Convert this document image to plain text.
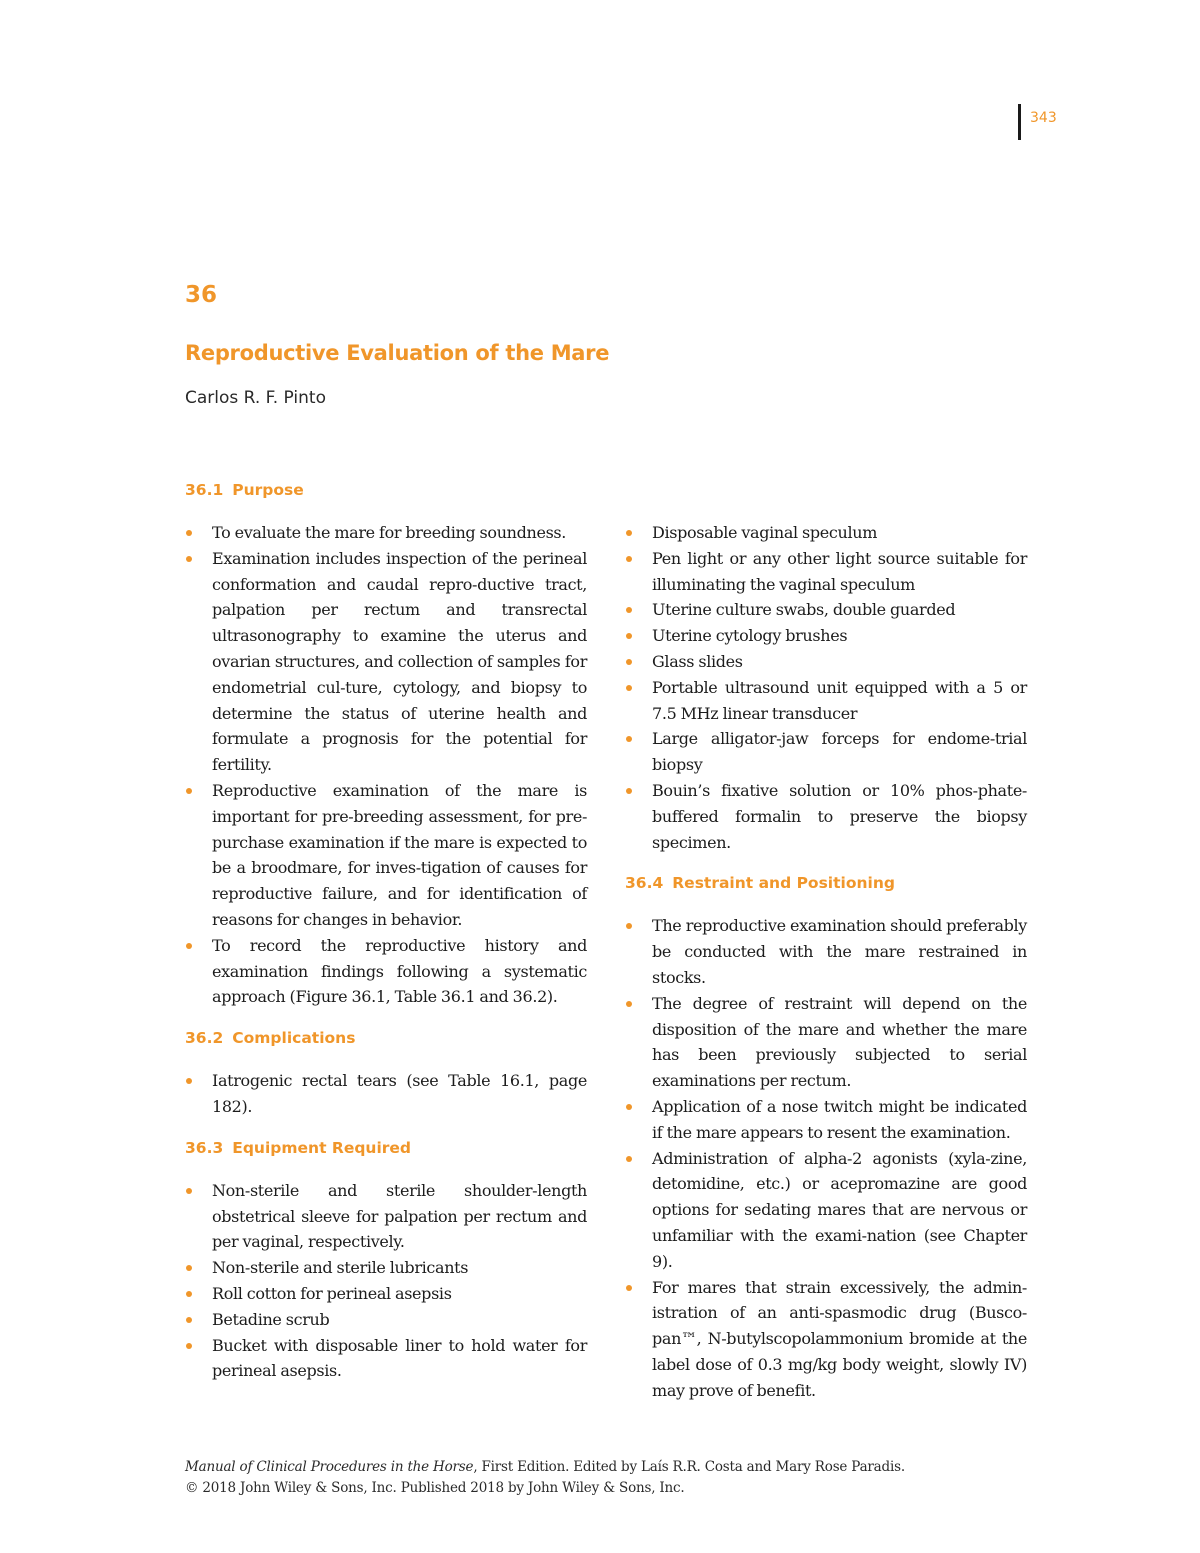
343
36
Reproductive Evaluation of the Mare
Carlos R. F. Pinto
36.1 Purpose
To evaluate the mare for breeding soundness.
Examination includes inspection of the perineal conformation and caudal repro-ductive tract, palpation per rectum and transrectal ultrasonography to examine the uterus and ovarian structures, and collection of samples for endometrial cul-ture, cytology, and biopsy to determine the status of uterine health and formulate a prognosis for the potential for fertility.
Reproductive examination of the mare is important for pre-breeding assessment, for pre-purchase examination if the mare is expected to be a broodmare, for inves-tigation of causes for reproductive failure, and for identification of reasons for changes in behavior.
To record the reproductive history and examination findings following a systematic approach (Figure 36.1, Table 36.1 and 36.2).
36.2 Complications
Iatrogenic rectal tears (see Table 16.1, page 182).
36.3 Equipment Required
Non-sterile and sterile shoulder-length obstetrical sleeve for palpation per rectum and per vaginal, respectively.
Non-sterile and sterile lubricants
Roll cotton for perineal asepsis
Betadine scrub
Bucket with disposable liner to hold water for perineal asepsis.
Disposable vaginal speculum
Pen light or any other light source suitable for illuminating the vaginal speculum
Uterine culture swabs, double guarded
Uterine cytology brushes
Glass slides
Portable ultrasound unit equipped with a 5 or 7.5 MHz linear transducer
Large alligator-jaw forceps for endome-trial biopsy
Bouin’s fixative solution or 10% phos-phate-buffered formalin to preserve the biopsy specimen.
36.4 Restraint and Positioning
The reproductive examination should preferably be conducted with the mare restrained in stocks.
The degree of restraint will depend on the disposition of the mare and whether the mare has been previously subjected to serial examinations per rectum.
Application of a nose twitch might be indicated if the mare appears to resent the examination.
Administration of alpha-2 agonists (xyla-zine, detomidine, etc.) or acepromazine are good options for sedating mares that are nervous or unfamiliar with the exami-nation (see Chapter 9).
For mares that strain excessively, the admin-istration of an anti-spasmodic drug (Busco-pan™, N-butylscopolammonium bromide at the label dose of 0.3 mg/kg body weight, slowly IV) may prove of benefit.
Manual of Clinical Procedures in the Horse, First Edition. Edited by Laís R.R. Costa and Mary Rose Paradis.
© 2018 John Wiley & Sons, Inc. Published 2018 by John Wiley & Sons, Inc.
